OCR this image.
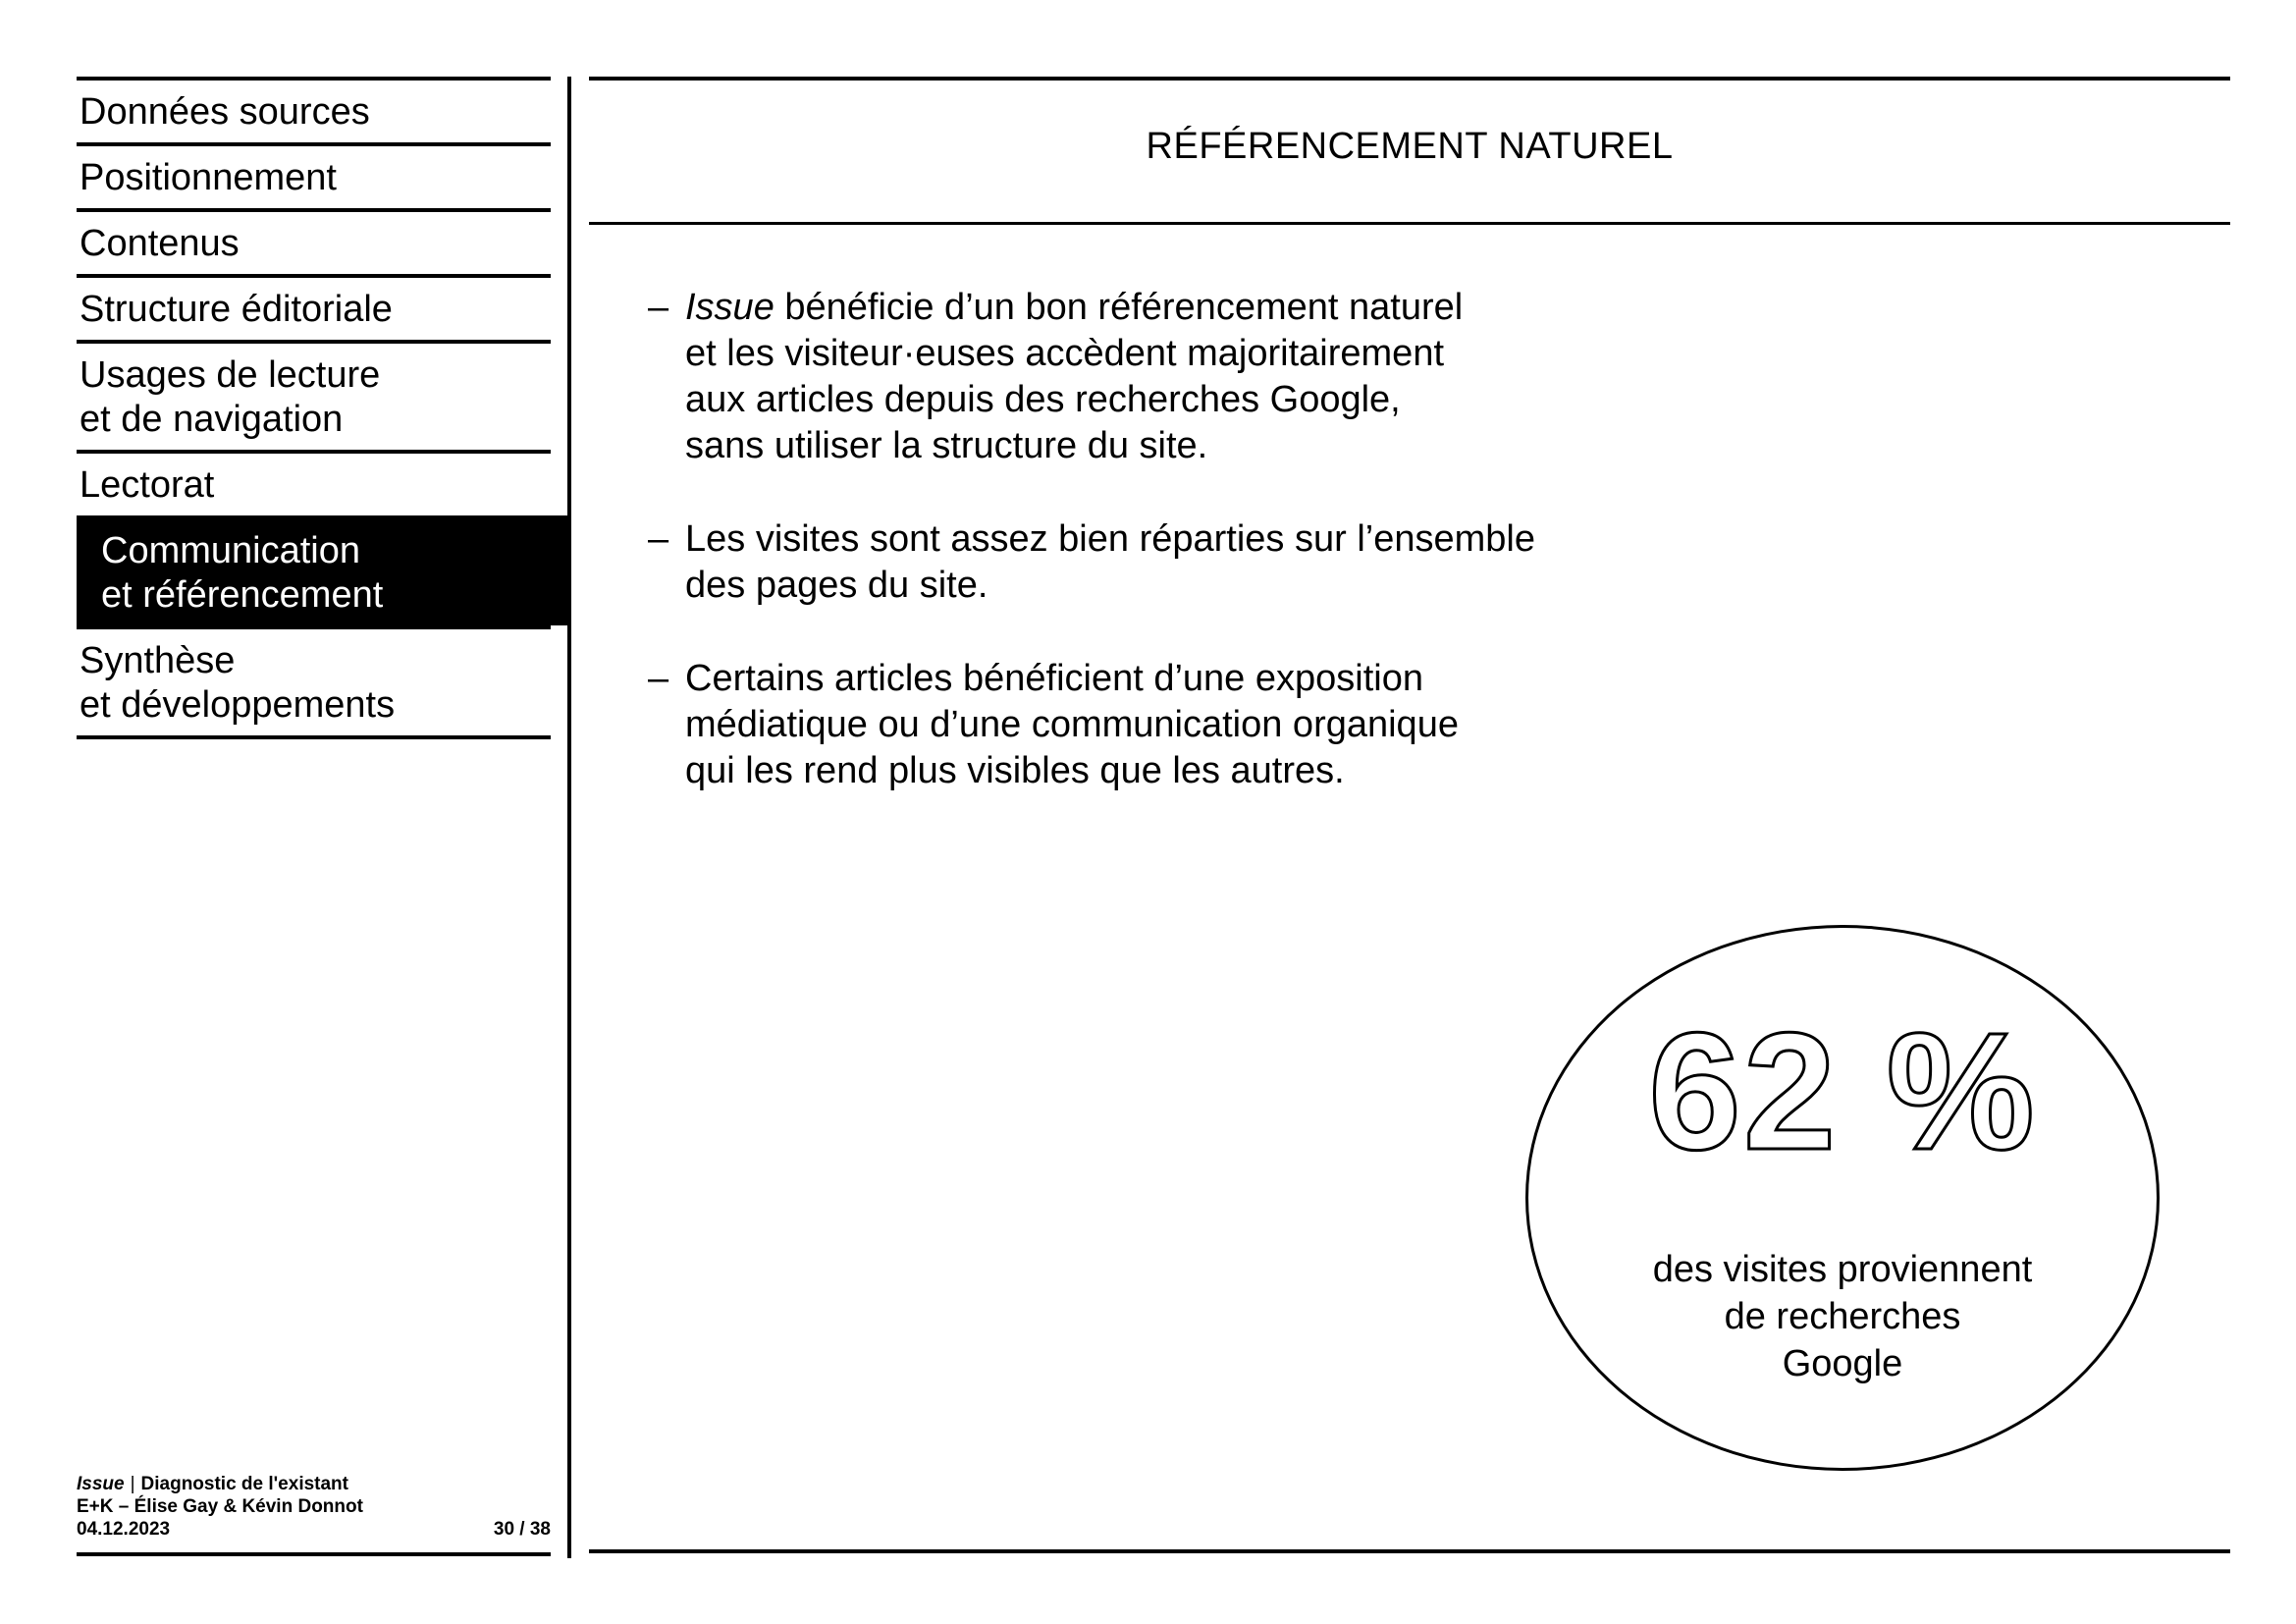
Données sources
Positionnement
Contenus
Structure éditoriale
Usages de lecture
et de navigation
Lectorat
Communication
et référencement
Synthèse
et développements
Issue | Diagnostic de l'existant
E+K – Élise Gay & Kévin Donnot
04.12.2023	30 / 38
RÉFÉRENCEMENT NATUREL
– Issue bénéficie d’un bon référencement naturel
et les visiteur·euses accèdent majoritairement
aux articles depuis des recherches Google,
sans utiliser la structure du site.
– Les visites sont assez bien réparties sur l’ensemble
des pages du site.
– Certains articles bénéficient d’une exposition
médiatique ou d’une communication organique
qui les rend plus visibles que les autres.
62 %
des visites proviennent
de recherches
Google
